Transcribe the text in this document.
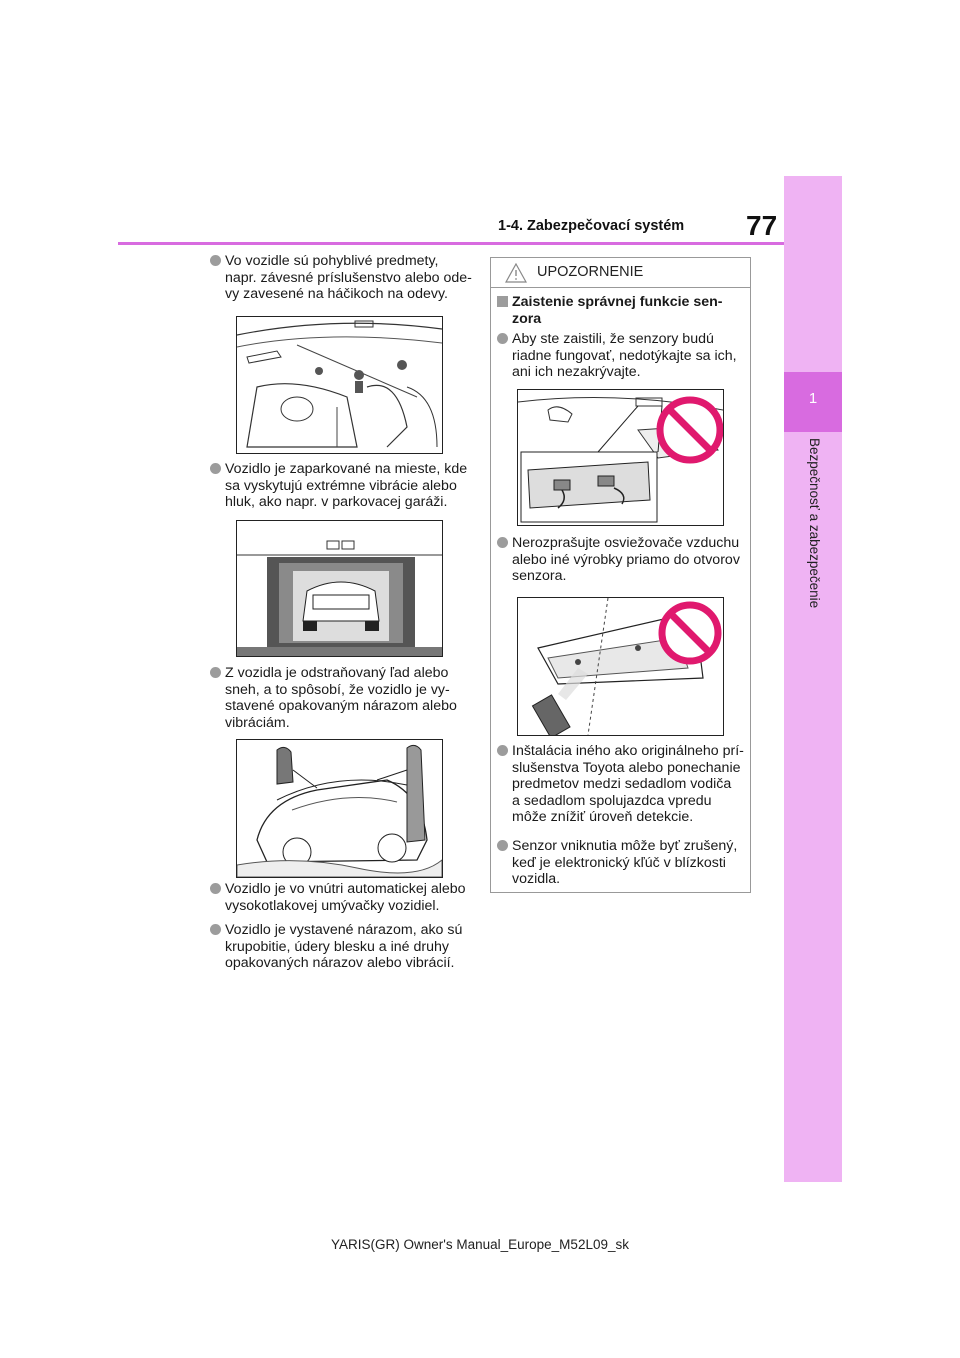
1
Bezpečnosť a zabezpečenie
1-4. Zabezpečovací systém 77
Vo vozidle sú pohyblivé predmety,
napr. závesné príslušenstvo alebo ode-
vy zavesené na háčikoch na odevy.
Vozidlo je zaparkované na mieste, kde
sa vyskytujú extrémne vibrácie alebo
hluk, ako napr. v parkovacej garáži.
Z vozidla je odstraňovaný ľad alebo
sneh, a to spôsobí, že vozidlo je vy-
stavené opakovaným nárazom alebo
vibráciám.
Vozidlo je vo vnútri automatickej alebo
vysokotlakovej umývačky vozidiel.
Vozidlo je vystavené nárazom, ako sú
krupobitie, údery blesku a iné druhy
opakovaných nárazov alebo vibrácií.
UPOZORNENIE
Zaistenie správnej funkcie sen-
zora
Aby ste zaistili, že senzory budú
riadne fungovať, nedotýkajte sa ich,
ani ich nezakrývajte.
Nerozprašujte osviežovače vzduchu
alebo iné výrobky priamo do otvorov
senzora.
Inštalácia iného ako originálneho prí-
slušenstva Toyota alebo ponechanie
predmetov medzi sedadlom vodiča
a sedadlom spolujazdca vpredu
môže znížiť úroveň detekcie.
Senzor vniknutia môže byť zrušený,
keď je elektronický kľúč v blízkosti
vozidla.
YARIS(GR) Owner's Manual_Europe_M52L09_sk
